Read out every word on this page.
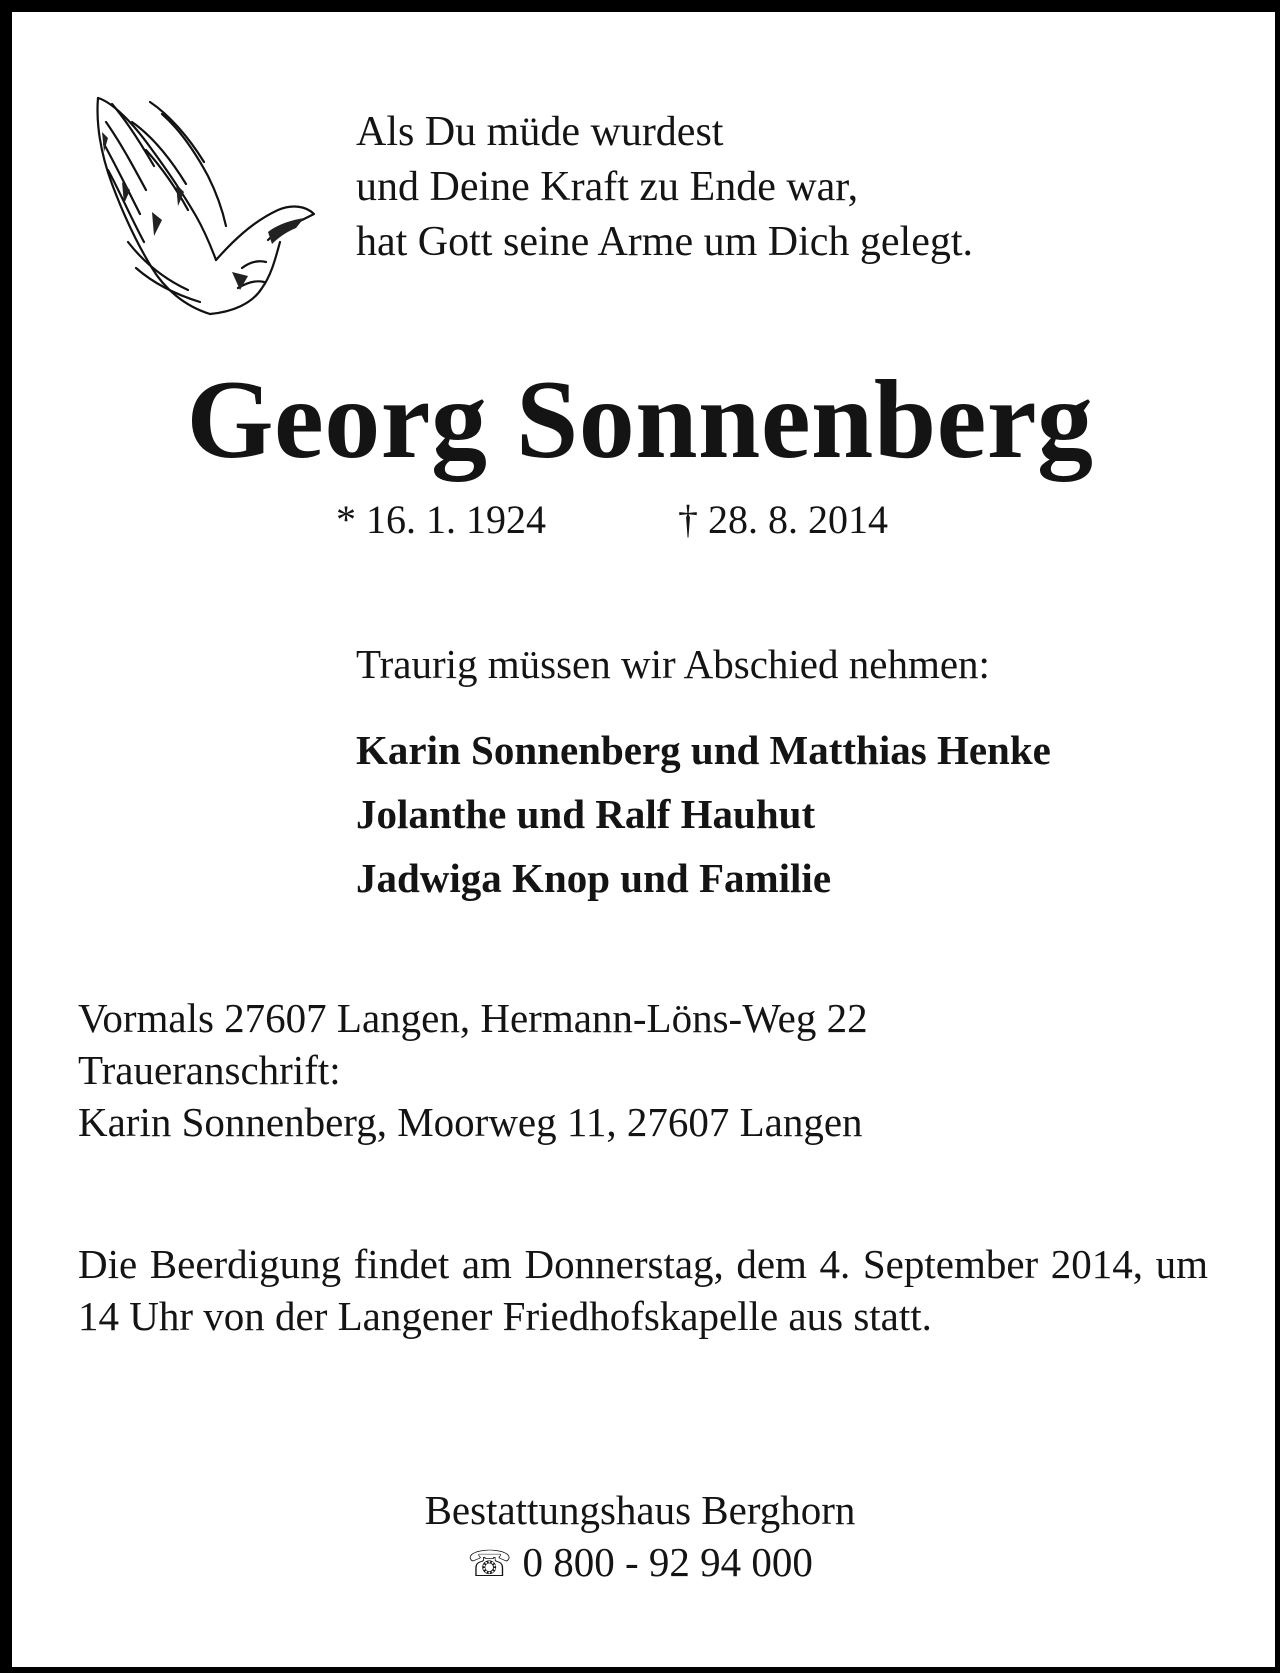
Als Du müde wurdest
und Deine Kraft zu Ende war,
hat Gott seine Arme um Dich gelegt.
Georg Sonnenberg
* 16. 1. 1924	† 28. 8. 2014
Traurig müssen wir Abschied nehmen:
Karin Sonnenberg und Matthias Henke
Jolanthe und Ralf Hauhut
Jadwiga Knop und Familie
Vormals 27607 Langen, Hermann-Löns-Weg 22
Traueranschrift:
Karin Sonnenberg, Moorweg 11, 27607 Langen
Die Beerdigung findet am Donnerstag, dem 4. September 2014, um 14 Uhr von der Langener Friedhofskapelle aus statt.
Bestattungshaus Berghorn
☏ 0 800 - 92 94 000
